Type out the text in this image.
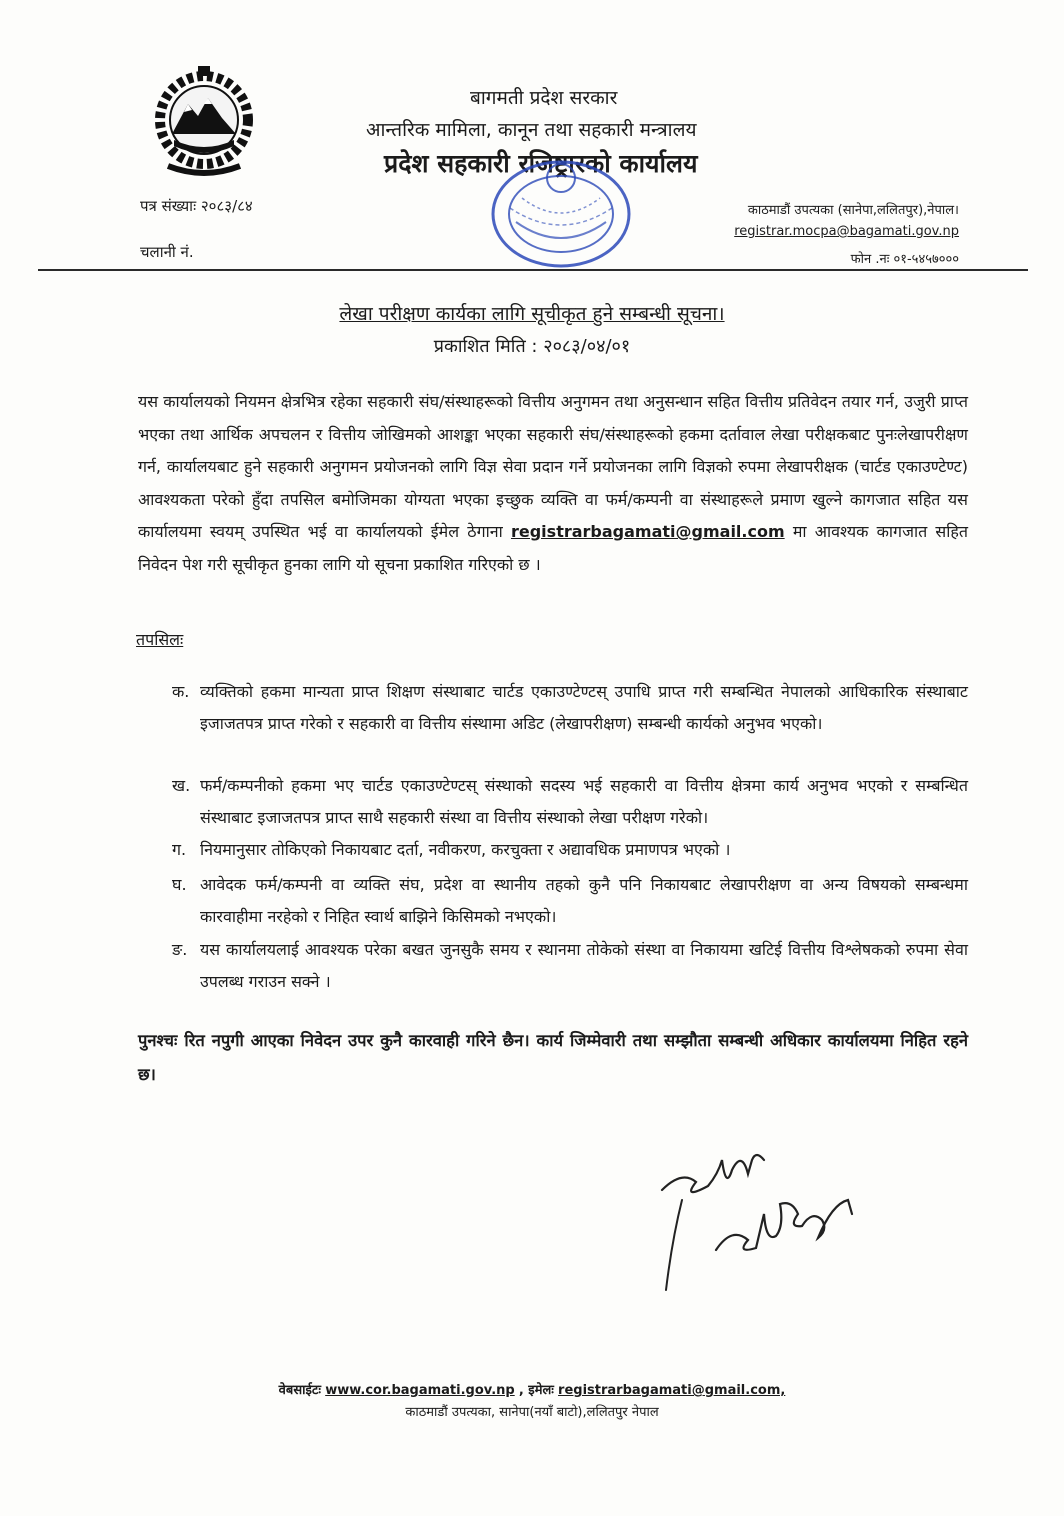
बागमती प्रदेश सरकार
आन्तरिक मामिला, कानून तथा सहकारी मन्त्रालय
प्रदेश सहकारी रजिष्ट्रारको कार्यालय
पत्र संख्याः २०८३/८४
चलानी नं.
काठमाडौं उपत्यका (सानेपा,ललितपुर),नेपाल।
registrar.mocpa@bagamati.gov.np
फोन .नः ०१-५४५७०००
लेखा परीक्षण कार्यका लागि सूचीकृत हुने सम्बन्धी सूचना।
प्रकाशित मिति : २०८३/०४/०१
यस कार्यालयको नियमन क्षेत्रभित्र रहेका सहकारी संघ/संस्थाहरूको वित्तीय अनुगमन तथा अनुसन्धान सहित वित्तीय प्रतिवेदन तयार गर्न, उजुरी प्राप्त भएका तथा आर्थिक अपचलन र वित्तीय जोखिमको आशङ्का भएका सहकारी संघ/संस्थाहरूको हकमा दर्तावाल लेखा परीक्षकबाट पुनःलेखापरीक्षण गर्न, कार्यालयबाट हुने सहकारी अनुगमन प्रयोजनको लागि विज्ञ सेवा प्रदान गर्ने प्रयोजनका लागि विज्ञको रुपमा लेखापरीक्षक (चार्टड एकाउण्टेण्ट) आवश्यकता परेको हुँदा तपसिल बमोजिमका योग्यता भएका इच्छुक व्यक्ति वा फर्म/कम्पनी वा संस्थाहरूले प्रमाण खुल्ने कागजात सहित यस कार्यालयमा स्वयम् उपस्थित भई वा कार्यालयको ईमेल ठेगाना registrarbagamati@gmail.com मा आवश्यक कागजात सहित निवेदन पेश गरी सूचीकृत हुनका लागि यो सूचना प्रकाशित गरिएको छ ।
तपसिलः
क. व्यक्तिको हकमा मान्यता प्राप्त शिक्षण संस्थाबाट चार्टड एकाउण्टेण्टस् उपाधि प्राप्त गरी सम्बन्धित नेपालको आधिकारिक संस्थाबाट इजाजतपत्र प्राप्त गरेको र सहकारी वा वित्तीय संस्थामा अडिट (लेखापरीक्षण) सम्बन्धी कार्यको अनुभव भएको।
ख. फर्म/कम्पनीको हकमा भए चार्टड एकाउण्टेण्टस् संस्थाको सदस्य भई सहकारी वा वित्तीय क्षेत्रमा कार्य अनुभव भएको र सम्बन्धित संस्थाबाट इजाजतपत्र प्राप्त साथै सहकारी संस्था वा वित्तीय संस्थाको लेखा परीक्षण गरेको।
ग. नियमानुसार तोकिएको निकायबाट दर्ता, नवीकरण, करचुक्ता र अद्यावधिक प्रमाणपत्र भएको ।
घ. आवेदक फर्म/कम्पनी वा व्यक्ति संघ, प्रदेश वा स्थानीय तहको कुनै पनि निकायबाट लेखापरीक्षण वा अन्य विषयको सम्बन्धमा कारवाहीमा नरहेको र निहित स्वार्थ बाझिने किसिमको नभएको।
ङ. यस कार्यालयलाई आवश्यक परेका बखत जुनसुकै समय र स्थानमा तोकेको संस्था वा निकायमा खटिई वित्तीय विश्लेषकको रुपमा सेवा उपलब्ध गराउन सक्ने ।
पुनश्चः रित नपुगी आएका निवेदन उपर कुनै कारवाही गरिने छैन। कार्य जिम्मेवारी तथा सम्झौता सम्बन्धी अधिकार कार्यालयमा निहित रहने छ।
वेबसाईटः www.cor.bagamati.gov.np , इमेलः registrarbagamati@gmail.com,
काठमाडौं उपत्यका, सानेपा(नयाँ बाटो),ललितपुर नेपाल
